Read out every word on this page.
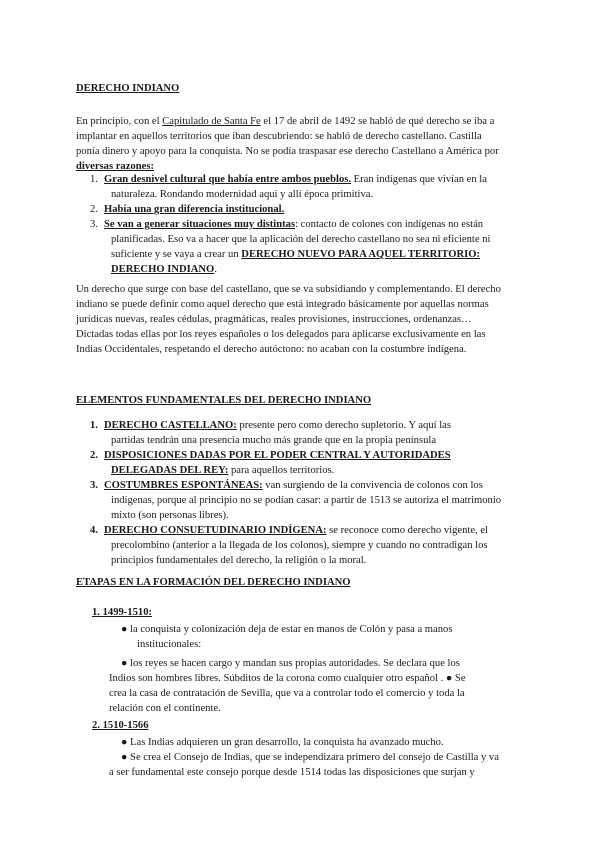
DERECHO INDIANO

En principio, con el Capitulado de Santa Fe el 17 de abril de 1492 se habló de qué derecho se iba a

implantar en aquellos territorios que iban descubriendo: se habló de derecho castellano. Castilla

ponía dinero y apoyo para la conquista. No se podía traspasar ese derecho Castellano a América por

diversas razones:

1. Gran desnivel cultural que había entre ambos pueblos. Eran indígenas que vivían en la

naturaleza. Rondando modernidad aquí y allí época primitiva.

2. Había una gran diferencia institucional.

3. Se van a generar situaciones muy distintas: contacto de colones con indígenas no están

planificadas. Eso va a hacer que la aplicación del derecho castellano no sea ni eficiente ni

suficiente y se vaya a crear un DERECHO NUEVO PARA AQUEL TERRITORIO:

DERECHO INDIANO.

Un derecho que surge con base del castellano, que se va subsidiando y complementando. El derecho

indiano se puede definir como aquel derecho que está integrado básicamente por aquellas normas

jurídicas nuevas, reales cédulas, pragmáticas, reales provisiones, instrucciones, ordenanzas…

Dictadas todas ellas por los reyes españoles o los delegados para aplicarse exclusivamente en las

Indias Occidentales, respetando el derecho autóctono: no acaban con la costumbre indígena.

ELEMENTOS FUNDAMENTALES DEL DERECHO INDIANO

1. DERECHO CASTELLANO: presente pero como derecho supletorio. Y aquí las

partidas tendrán una presencia mucho más grande que en la propia península

2. DISPOSICIONES DADAS POR EL PODER CENTRAL Y AUTORIDADES

DELEGADAS DEL REY: para aquellos territorios.

3. COSTUMBRES ESPONTÁNEAS: van surgiendo de la convivencia de colonos con los

indígenas, porque al principio no se podían casar: a partir de 1513 se autoriza el matrimonio

mixto (son personas libres).

4. DERECHO CONSUETUDINARIO INDÍGENA: se reconoce como derecho vigente, el

precolombino (anterior a la llegada de los colonos), siempre y cuando no contradigan los

principios fundamentales del derecho, la religión o la moral.

ETAPAS EN LA FORMACIÓN DEL DERECHO INDIANO
1. 1499-1510:

● la conquista y colonización deja de estar en manos de Colón y pasa a manos

institucionales:

● los reyes se hacen cargo y mandan sus propias autoridades. Se declara que los

Indios son hombres libres. Súbditos de la corona como cualquier otro español . ● Se

crea la casa de contratación de Sevilla, que va a controlar todo el comercio y toda la

relación con el continente.

2. 1510-1566

● Las Indias adquieren un gran desarrollo, la conquista ha avanzado mucho.

● Se crea el Consejo de Indias, que se independizara primero del consejo de Castilla y va

a ser fundamental este consejo porque desde 1514 todas las disposiciones que surjan y
